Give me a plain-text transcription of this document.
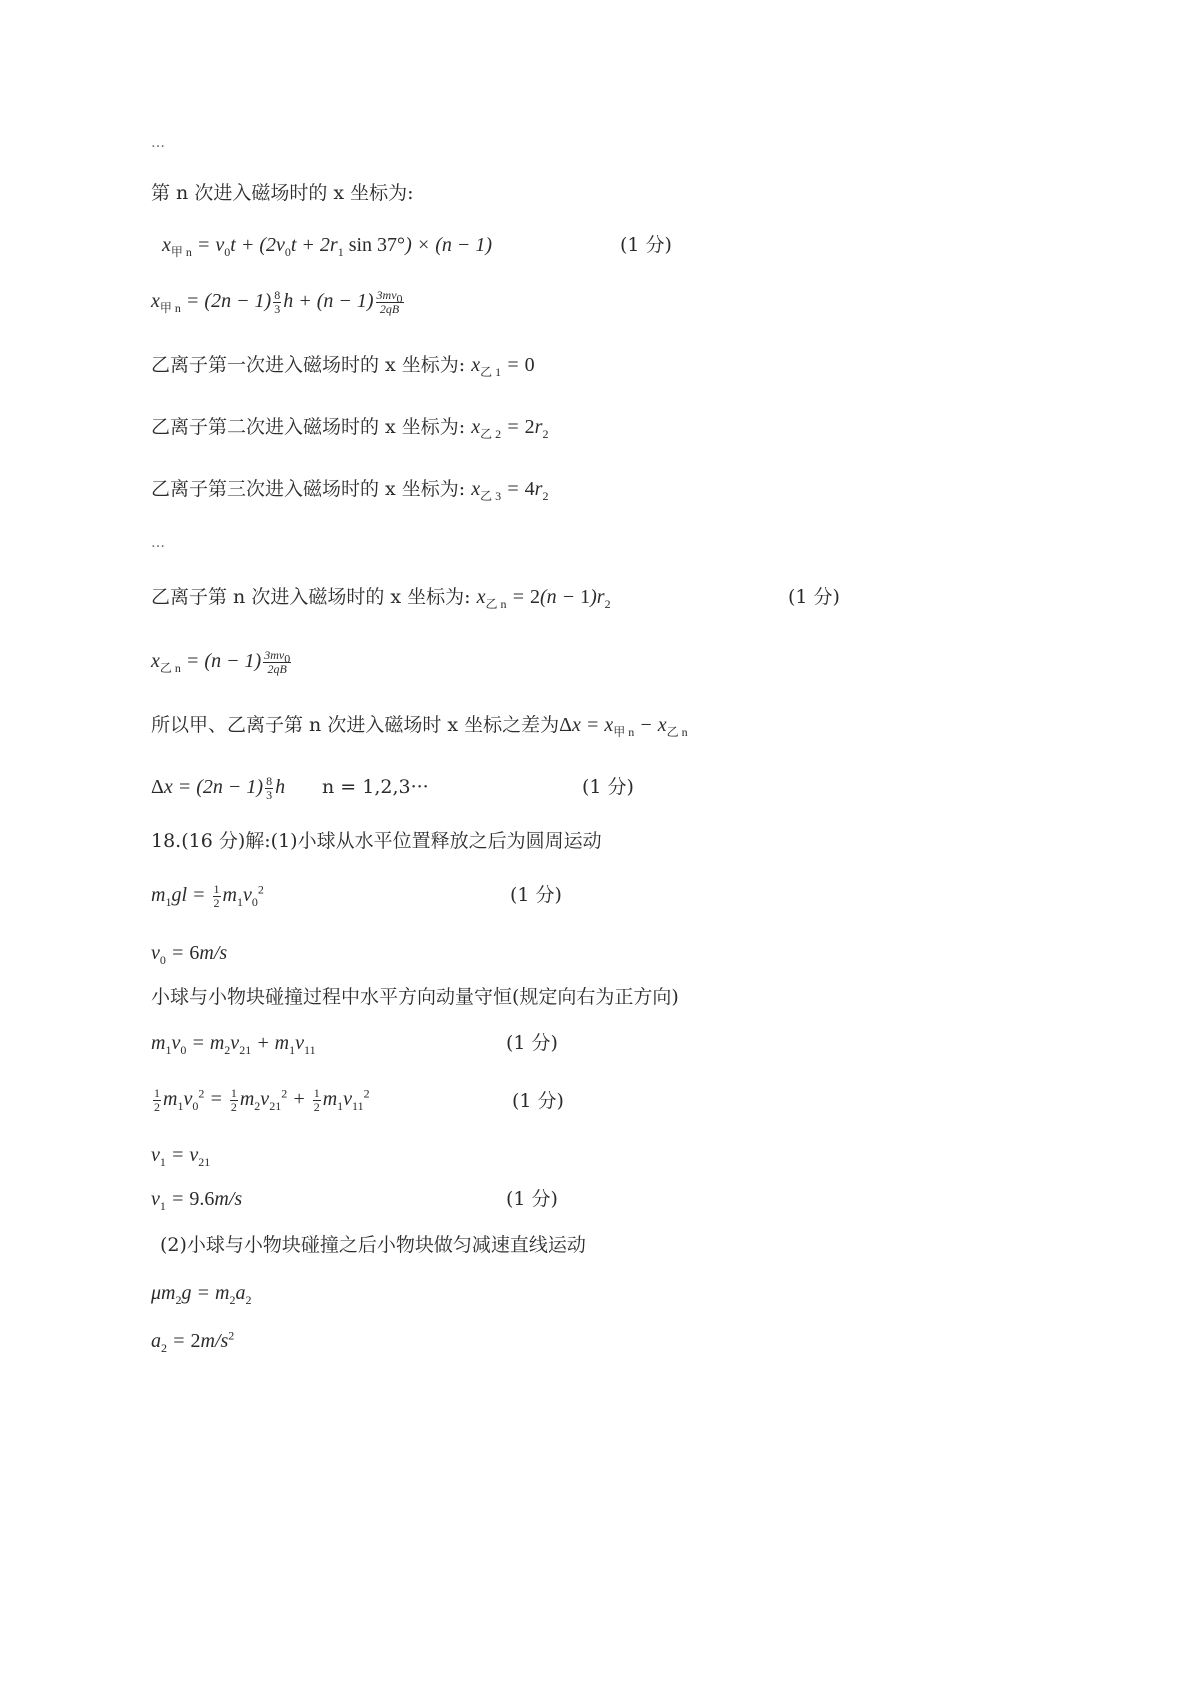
…
第 n 次进入磁场时的 x 坐标为:
$x_{甲 n} = v_0t + (2v_0t + 2r_1$ sin 37°) × (n − 1)	(1 分)
$x_{甲 n} = (2n - 1) \frac{8}{3}$ $h + (n - 1) \frac{3mv_0}{2qB}$
乙离子第一次进入磁场时的 x 坐标为: $x_{乙 1} = 0$
乙离子第二次进入磁场时的 x 坐标为: $x_{乙 2} = 2r_2$
乙离子第三次进入磁场时的 x 坐标为: $x_{乙 3} = 4r_2$
…
乙离子第 n 次进入磁场时的 x 坐标为: $x_{乙 n} = 2(n - 1)r_2$	(1 分)
$x_{乙 n} = (n - 1) \frac{3mv_0}{2qB}$
所以甲、乙离子第 n 次进入磁场时 x 坐标之差为$\Delta x = x_{甲 n} - x_{乙 n}$
$\Delta x = (2n - 1) \frac{8}{3}$ h n = 1,2,3···	(1 分)
18.(16 分)解:(1)小球从水平位置释放之后为圆周运动
$m_1gl = \frac{1}{2} m_1v_0^2$	(1 分)
$v_0 = 6m/s$
小球与小物块碰撞过程中水平方向动量守恒(规定向右为正方向)
$m_1v_0 = m_2v_{21} + m_1v_{11}$	(1 分)
$\frac{1}{2} m_1v_0^2 = \frac{1}{2} m_2v_{21}^2 + \frac{1}{2} m_1v_{11}^2$	(1 分)
$v_1 = v_{21}$
$v_1 = 9.6m/s$	(1 分)
(2)小球与小物块碰撞之后小物块做匀减速直线运动
$\mu m_2g = m_2a_2$
$a_2 = 2m/s^2$
